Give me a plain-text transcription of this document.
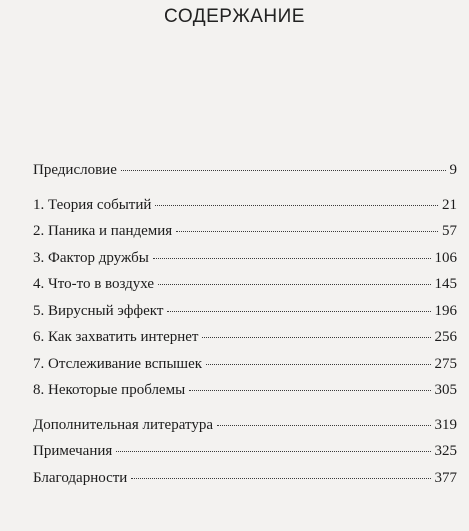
СОДЕРЖАНИЕ
Предисловие	9
1. Теория событий	21
2. Паника и пандемия	57
3. Фактор дружбы	106
4. Что-то в воздухе	145
5. Вирусный эффект	196
6. Как захватить интернет	256
7. Отслеживание вспышек	275
8. Некоторые проблемы	305
Дополнительная литература	319
Примечания	325
Благодарности	377
